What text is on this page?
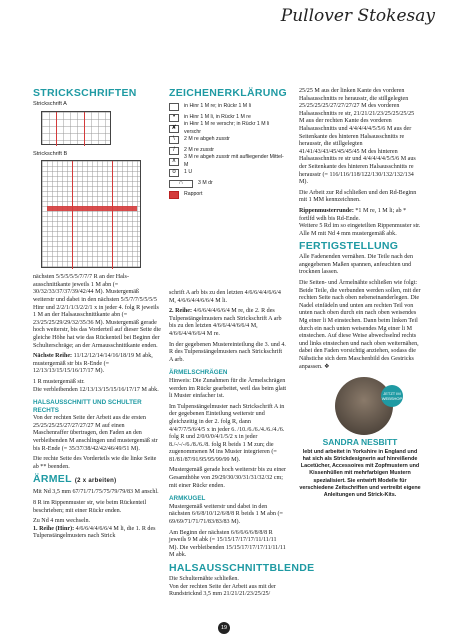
Pullover Stokesay
STRICKSCHRIFTEN
Strickschrift A
Strickschrift B

nächsten 5/5/5/5/5/7/7/7 R an der Halsausschnittkante jeweils 1 M abn (= 30/32/33/37/37/39/42/44 M). Mustergemäß weiterstr und dabei in den nächsten 5/5/7/7/5/5/5/5 Hinr und 2/2/1/1/3/2/2/1 x in jeder 4. folg R jeweils 1 M an der Halsausschnittkante abn (= 23/25/25/29/29/32/35/36 M). Mustergemäß gerade hoch weiterstr, bis das Vorderteil auf dieser Seite die gleiche Höhe hat wie das Rückenteil bei Beginn der Schulterschräge; an der Armausschnittkante enden.

Nächste Reihe: 11/12/12/14/14/16/18/19 M abk, mustergemäß str bis R-Ende (= 12/13/13/15/15/16/17/17 M).

1 R mustergemäß str.

Die verbleibenden 12/13/13/15/15/16/17/17 M abk.

HALSAUSSCHNITT UND SCHULTER RECHTS

Von der rechten Seite der Arbeit aus die ersten 25/25/25/25/27/27/27/27 M auf einen Maschenraffer übertragen, den Faden an den verbleibenden M anschlingen und mustergemäß str bis R-Ende (= 35/37/38/42/42/46/49/51 M).

Die rechte Seite des Vorderteils wie die linke Seite ab ** beenden.

ÄRMEL (2 x arbeiten)

Mit Nd 3,5 mm 67/71/71/75/75/79/79/83 M anschl.

8 R im Rippenmuster str, wie beim Rückenteil beschrieben; mit einer Rückr enden.

Zu Nd 4 mm wechseln.

1. Reihe (Hinr): 4/6/6/4/4/6/6/4 M li, die 1. R des Tulpenstängelmusters nach Strick

ZEICHENERKLÄRUNG
in Hinr 1 M re; in Rückr 1 M li
•	in Hinr 1 M li, in Rückr 1 M re
✘
in Hinr 1 M re verschr; in Rückr 1 M li verschr
\	2 M re abgeh zusstr
/	2 M re zusstr
∧
3 M re abgeh zusstr mit aufliegender Mittel-M
o	1 U
∩	3 M dr
Rapport

schrift A arb bis zu den letzten 4/6/6/4/4/6/6/4 M, 4/6/6/4/4/6/6/4 M li.

2. Reihe: 4/6/6/4/4/6/6/4 M re, die 2. R des Tulpenstängelmusters nach Strickschrift A arb bis zu den letzten 4/6/6/4/4/6/6/4 M, 4/6/6/4/4/6/6/4 M re.

In der gegebenen Mustereinteilung die 3. und 4. R des Tulpenstängelmusters nach Strickschrift A arb.

ÄRMELSCHRÄGEN

Hinweis: Die Zunahmen für die Ärmelschrägen werden im Rückr gearbeitet, weil das beim glatt li Muster einfacher ist.

Im Tulpenstängelmuster nach Strickschrift A in der gegebenen Einteilung weiterstr und gleichzeitig in der 2. folg R, dann 4/4/7/7/5/6/4/5 x in jeder 6. /10./6./6./4./6./4./6. folg R und 2/0/0/0/4/1/5/2 x in jeder 8./-/-/-/6./8./6./8. folg R beids 1 M zun; die zugenommenen M ins Muster integrieren (= 81/81/87/91/95/95/99/99 M).

Mustergemäß gerade hoch weiterstr bis zu einer Gesamthöhe von 29/29/30/30/31/31/32/32 cm; mit einer Rückr enden.

ARMKUGEL

Mustergemäß weiterstr und dabei in den nächsten 6/6/8/10/12/6/8/8 R beids 1 M abn (= 69/69/71/71/71/83/83/83 M).

Am Beginn der nächsten 6/6/6/6/6/8/8/8 R jeweils 9 M abk (= 15/15/17/17/17/11/11/11 M). Die verbleibenden 15/15/17/17/17/11/11/11 M abk.

HALSAUSSCHNITTBLENDE

Die Schulternähte schließen.

Von der rechten Seite der Arbeit aus mit der Rundstricknd 3,5 mm 21/21/21/23/25/25/

25/25 M aus der linken Kante des vorderen Halsausschnitts re herausstr, die stillgelegten 25/25/25/25/27/27/27/27 M des vorderen Halsausschnitts re str, 21/21/21/23/25/25/25/25 M aus der rechten Kante des vorderen Halsausschnitts und 4/4/4/4/4/5/5/6 M aus der Seitenkante des hinteren Halsausschnitts re herausstr, die stillgelegten 41/41/43/43/45/45/45/45 M des hinteren Halsausschnitts re str und 4/4/4/4/4/5/5/6 M aus der Seitenkante des hinteren Halsausschnitts re herausstr (= 116/116/118/122/130/132/132/134 M).

Die Arbeit zur Rd schließen und den Rd-Beginn mit 1 MM kennzeichnen.

Rippenmusterrunde: *1 M re, 1 M li; ab * fortlfd wdh bis Rd-Ende.

Weitere 5 Rd im so eingeteilten Rippenmuster str.

Alle M mit Nd 4 mm mustergemäß abk.

FERTIGSTELLUNG

Alle Fadenenden vernähen. Die Teile nach den angegebenen Maßen spannen, anfeuchten und trocknen lassen.

Die Seiten- und Ärmelnähte schließen wie folgt: Beide Teile, die verbunden werden sollen, mit der rechten Seite nach oben nebeneinanderlegen. Die Nadel einfädeln und unten am rechten Teil von unten nach oben durch ein nach oben weisendes Mg einer li M einstechen. Dann beim linken Teil durch ein nach unten weisendes Mg einer li M einstechen. Auf diese Weise abwechselnd rechts und links einstechen und nach oben weiternähen, dabei den Faden vorsichtig anziehen, sodass die Nähstiche sich dem Maschenbild des Gestricks anpassen. ❖

JETZT IM WEBSHOP
SANDRA NESBITT
lebt und arbeitet in Yorkshire in England und hat sich als Strickdesignerin auf hinreißende Lacetücher, Accessoires mit Zopfmustern und Kissenhüllen mit mehrfarbigen Mustern spezialisiert. Sie entwirft Modelle für verschiedene Zeitschriften und vertreibt eigene Anleitungen und Strick-Kits.
19
